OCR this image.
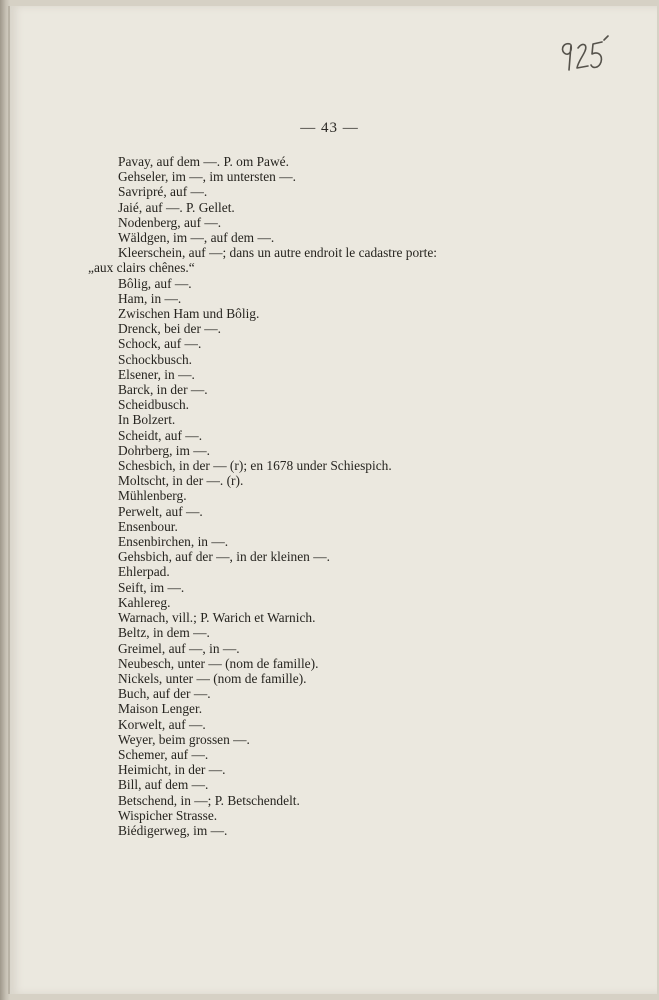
— 43 —

Pavay, auf dem —. P. om Pawé.
Gehseler, im —, im untersten —.
Savripré, auf —.
Jaié, auf —. P. Gellet.
Nodenberg, auf —.
Wäldgen, im —, auf dem —.
Kleerschein, auf —; dans un autre endroit le cadastre porte:
„aux clairs chênes.“
Bôlig, auf —.
Ham, in —.
Zwischen Ham und Bôlig.
Drenck, bei der —.
Schock, auf —.
Schockbusch.
Elsener, in —.
Barck, in der —.
Scheidbusch.
In Bolzert.
Scheidt, auf —.
Dohrberg, im —.
Schesbich, in der — (r); en 1678 under Schiespich.
Moltscht, in der —. (r).
Mühlenberg.
Perwelt, auf —.
Ensenbour.
Ensenbirchen, in —.
Gehsbich, auf der —, in der kleinen —.
Ehlerpad.
Seift, im —.
Kahlereg.
Warnach, vill.; P. Warich et Warnich.
Beltz, in dem —.
Greimel, auf —, in —.
Neubesch, unter — (nom de famille).
Nickels, unter — (nom de famille).
Buch, auf der —.
Maison Lenger.
Korwelt, auf —.
Weyer, beim grossen —.
Schemer, auf —.
Heimicht, in der —.
Bill, auf dem —.
Betschend, in —; P. Betschendelt.
Wispicher Strasse.
Biédigerweg, im —.
